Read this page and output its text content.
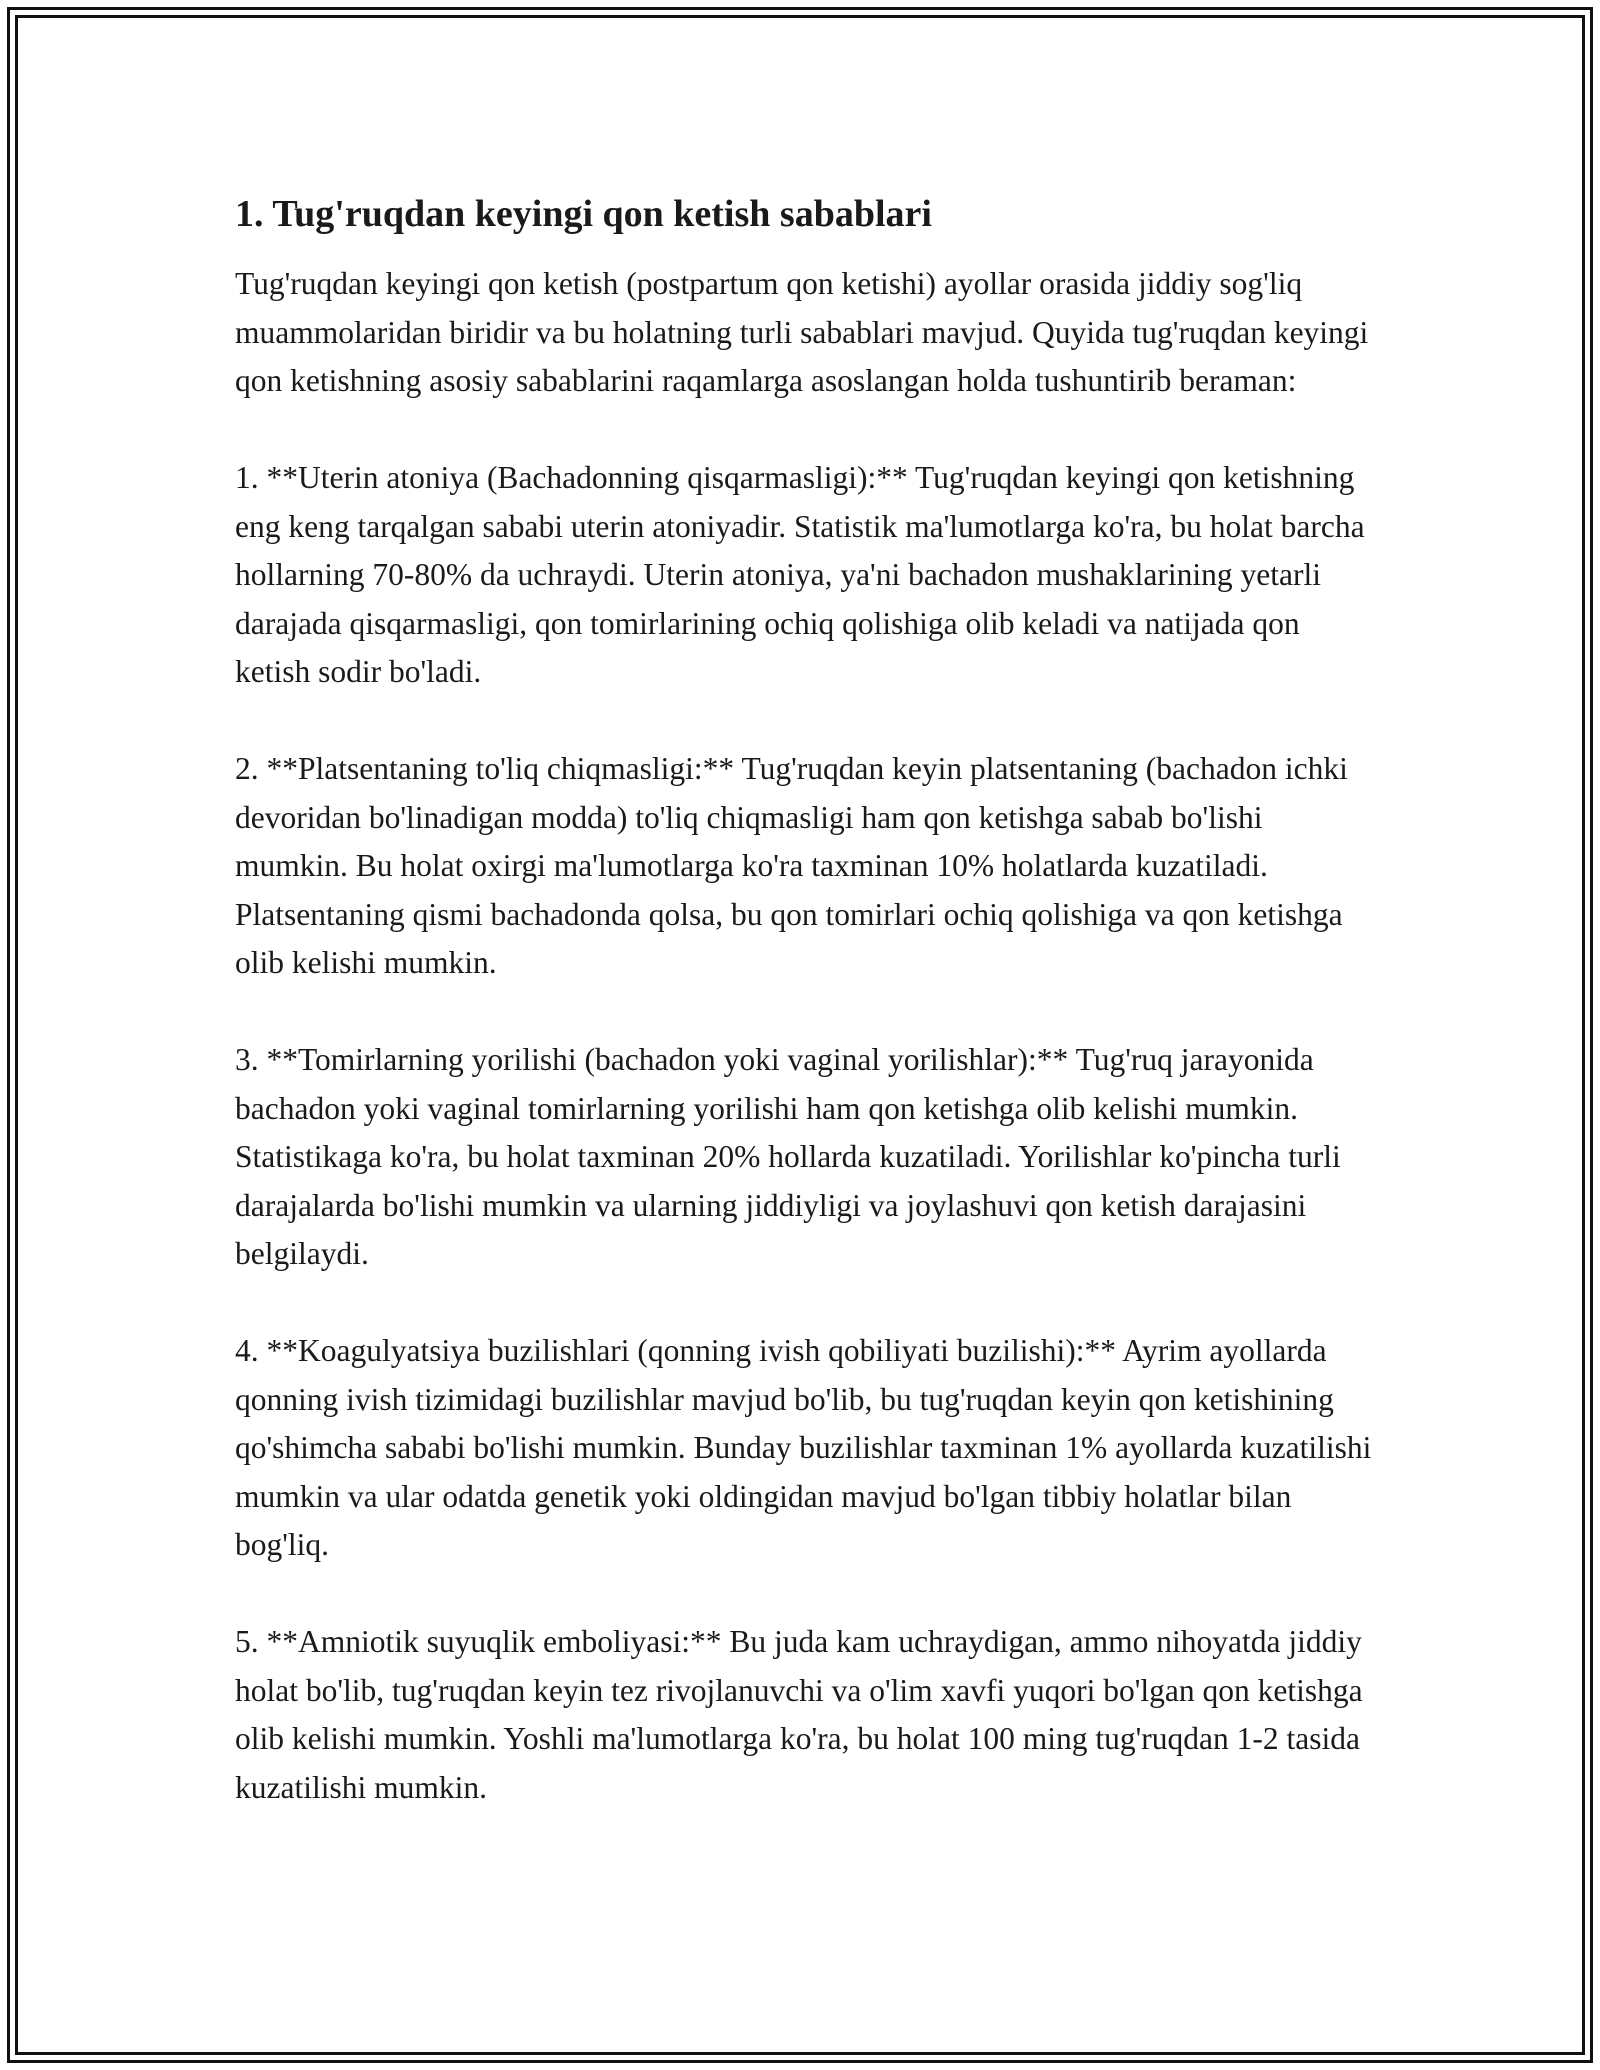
1. Tug'ruqdan keyingi qon ketish sabablari

Tug'ruqdan keyingi qon ketish (postpartum qon ketishi) ayollar orasida jiddiy sog'liq muammolaridan biridir va bu holatning turli sabablari mavjud. Quyida tug'ruqdan keyingi qon ketishning asosiy sabablarini raqamlarga asoslangan holda tushuntirib beraman:

1. **Uterin atoniya (Bachadonning qisqarmasligi):** Tug'ruqdan keyingi qon ketishning eng keng tarqalgan sababi uterin atoniyadir. Statistik ma'lumotlarga ko'ra, bu holat barcha hollarning 70-80% da uchraydi. Uterin atoniya, ya'ni bachadon mushaklarining yetarli darajada qisqarmasligi, qon tomirlarining ochiq qolishiga olib keladi va natijada qon ketish sodir bo'ladi.

2. **Platsentaning to'liq chiqmasligi:** Tug'ruqdan keyin platsentaning (bachadon ichki devoridan bo'linadigan modda) to'liq chiqmasligi ham qon ketishga sabab bo'lishi mumkin. Bu holat oxirgi ma'lumotlarga ko'ra taxminan 10% holatlarda kuzatiladi. Platsentaning qismi bachadonda qolsa, bu qon tomirlari ochiq qolishiga va qon ketishga olib kelishi mumkin.

3. **Tomirlarning yorilishi (bachadon yoki vaginal yorilishlar):** Tug'ruq jarayonida bachadon yoki vaginal tomirlarning yorilishi ham qon ketishga olib kelishi mumkin. Statistikaga ko'ra, bu holat taxminan 20% hollarda kuzatiladi. Yorilishlar ko'pincha turli darajalarda bo'lishi mumkin va ularning jiddiyligi va joylashuvi qon ketish darajasini belgilaydi.

4. **Koagulyatsiya buzilishlari (qonning ivish qobiliyati buzilishi):** Ayrim ayollarda qonning ivish tizimidagi buzilishlar mavjud bo'lib, bu tug'ruqdan keyin qon ketishining qo'shimcha sababi bo'lishi mumkin. Bunday buzilishlar taxminan 1% ayollarda kuzatilishi mumkin va ular odatda genetik yoki oldingidan mavjud bo'lgan tibbiy holatlar bilan bog'liq.

5. **Amniotik suyuqlik emboliyasi:** Bu juda kam uchraydigan, ammo nihoyatda jiddiy holat bo'lib, tug'ruqdan keyin tez rivojlanuvchi va o'lim xavfi yuqori bo'lgan qon ketishga olib kelishi mumkin. Yoshli ma'lumotlarga ko'ra, bu holat 100 ming tug'ruqdan 1-2 tasida kuzatilishi mumkin.
